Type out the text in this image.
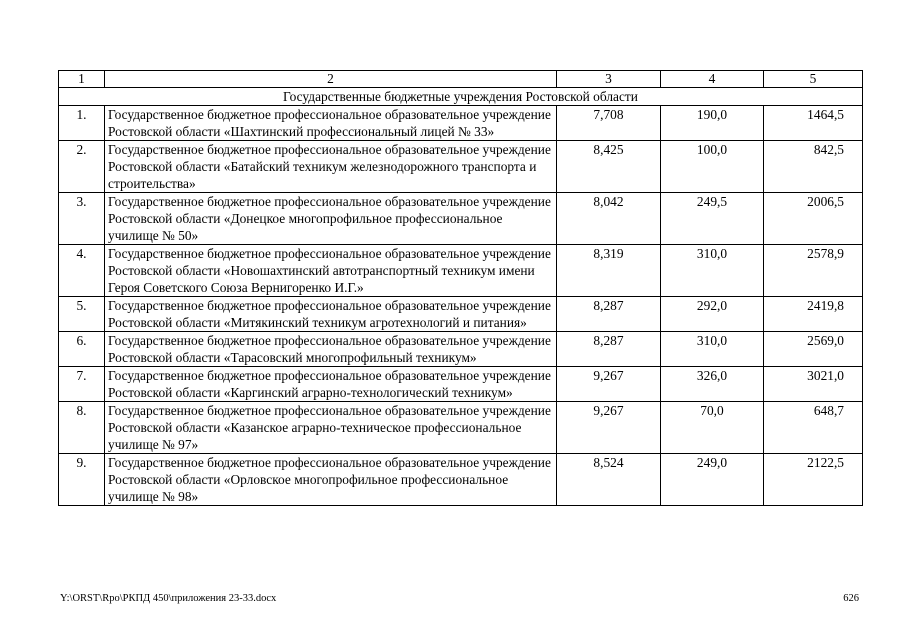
1	2	3	4	5
Государственные бюджетные учреждения Ростовской области				
1.	Государственное бюджетное профессиональное образовательное учреждение Ростовской области «Шахтинский профессиональный лицей № 33»	7,708	190,0	1464,5
2.	Государственное бюджетное профессиональное образовательное учреждение Ростовской области «Батайский техникум железнодорожного транспорта и строительства»	8,425	100,0	842,5
3.	Государственное бюджетное профессиональное образовательное учреждение Ростовской области «Донецкое многопрофильное профессиональное училище № 50»	8,042	249,5	2006,5
4.	Государственное бюджетное профессиональное образовательное учреждение Ростовской области «Новошахтинский автотранспортный техникум имени Героя Советского Союза Вернигоренко И.Г.»	8,319	310,0	2578,9
5.	Государственное бюджетное профессиональное образовательное учреждение Ростовской области «Митякинский техникум агротехнологий и питания»	8,287	292,0	2419,8
6.	Государственное бюджетное профессиональное образовательное учреждение Ростовской области «Тарасовский многопрофильный техникум»	8,287	310,0	2569,0
7.	Государственное бюджетное профессиональное образовательное учреждение Ростовской области «Каргинский аграрно-технологический техникум»	9,267	326,0	3021,0
8.	Государственное бюджетное профессиональное образовательное учреждение Ростовской области «Казанское аграрно-техническое профессиональное училище № 97»	9,267	70,0	648,7
9.	Государственное бюджетное профессиональное образовательное учреждение Ростовской области «Орловское многопрофильное профессиональное училище № 98»	8,524	249,0	2122,5
Y:\ORST\Rpo\РКПД 450\приложения 23-33.docx	626
